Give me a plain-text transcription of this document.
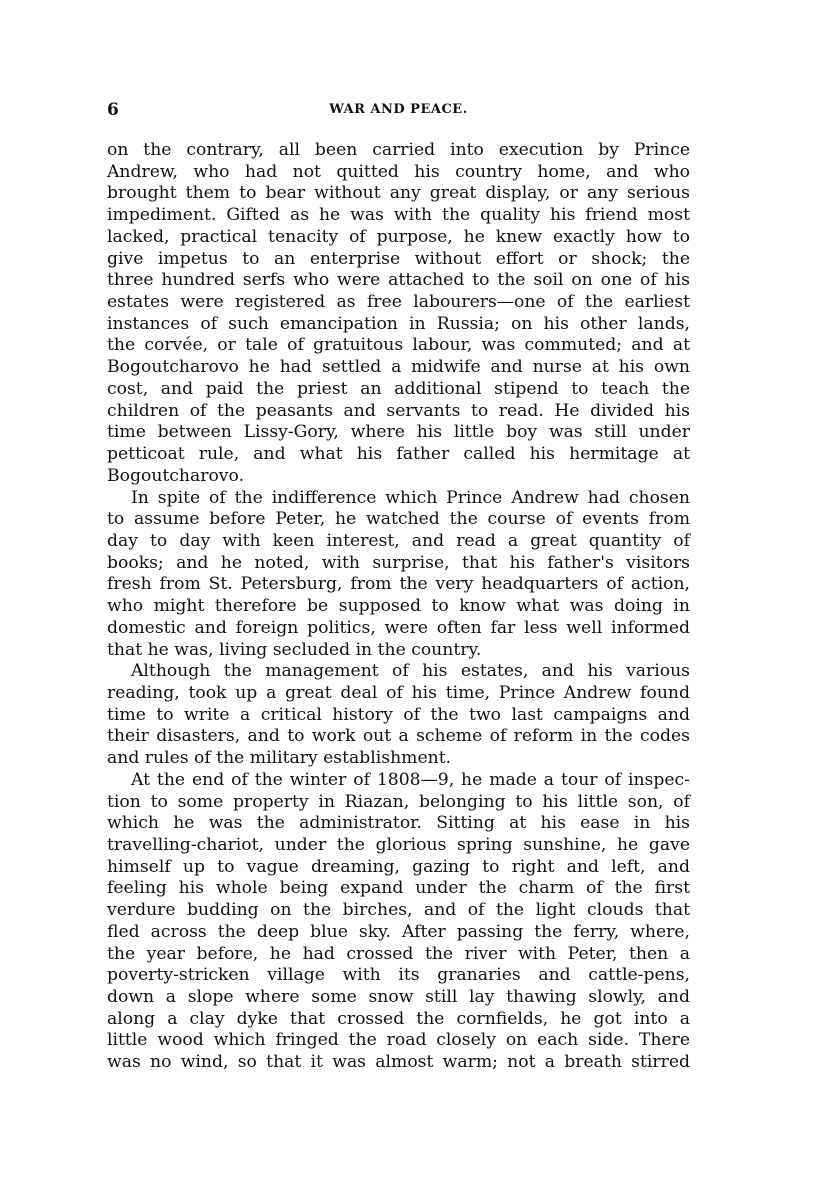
6	WAR AND PEACE.
on the contrary, all been carried into execution by Prince
Andrew, who had not quitted his country home, and who
brought them to bear without any great display, or any serious
impediment. Gifted as he was with the quality his friend most
lacked, practical tenacity of purpose, he knew exactly how to
give impetus to an enterprise without effort or shock; the
three hundred serfs who were attached to the soil on one of his
estates were registered as free labourers—one of the earliest
instances of such emancipation in Russia; on his other lands,
the corvée, or tale of gratuitous labour, was commuted; and at
Bogoutcharovo he had settled a midwife and nurse at his own
cost, and paid the priest an additional stipend to teach the
children of the peasants and servants to read. He divided his
time between Lissy-Gory, where his little boy was still under
petticoat rule, and what his father called his hermitage at
Bogoutcharovo.
In spite of the indifference which Prince Andrew had chosen
to assume before Peter, he watched the course of events from
day to day with keen interest, and read a great quantity of
books; and he noted, with surprise, that his father's visitors
fresh from St. Petersburg, from the very headquarters of action,
who might therefore be supposed to know what was doing in
domestic and foreign politics, were often far less well informed
that he was, living secluded in the country.
Although the management of his estates, and his various
reading, took up a great deal of his time, Prince Andrew found
time to write a critical history of the two last campaigns and
their disasters, and to work out a scheme of reform in the codes
and rules of the military establishment.
At the end of the winter of 1808—9, he made a tour of inspec-
tion to some property in Riazan, belonging to his little son, of
which he was the administrator. Sitting at his ease in his
travelling-chariot, under the glorious spring sunshine, he gave
himself up to vague dreaming, gazing to right and left, and
feeling his whole being expand under the charm of the first
verdure budding on the birches, and of the light clouds that
fled across the deep blue sky. After passing the ferry, where,
the year before, he had crossed the river with Peter, then a
poverty-stricken village with its granaries and cattle-pens,
down a slope where some snow still lay thawing slowly, and
along a clay dyke that crossed the cornfields, he got into a
little wood which fringed the road closely on each side. There
was no wind, so that it was almost warm; not a breath stirred
